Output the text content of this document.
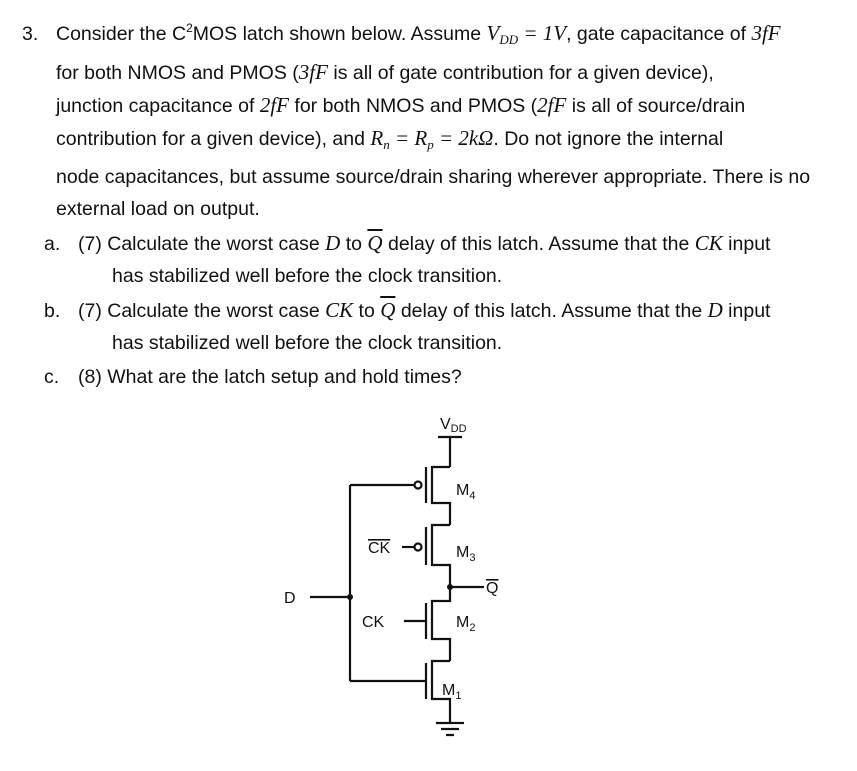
3. Consider the $C^2MOS$ latch shown below. Assume $V_{DD} = 1V$, gate capacitance of 3fF
for both NMOS and PMOS (3fF is all of gate contribution for a given device),
junction capacitance of 2fF for both NMOS and PMOS (2fF is all of source/drain
contribution for a given device), and $R_n = R_p = 2k\Omega$. Do not ignore the internal
node capacitances, but assume source/drain sharing wherever appropriate. There is no
external load on output.
a. (7) Calculate the worst case D to $\overline{Q}$ delay of this latch. Assume that the CK input
has stabilized well before the clock transition.
b. (7) Calculate the worst case CK to $\overline{Q}$ delay of this latch. Assume that the D input
has stabilized well before the clock transition.
c. (8) What are the latch setup and hold times?
VDD
$M_4$
CK	$M_3$
Q
CK	$M_2$
$M_1$
D
